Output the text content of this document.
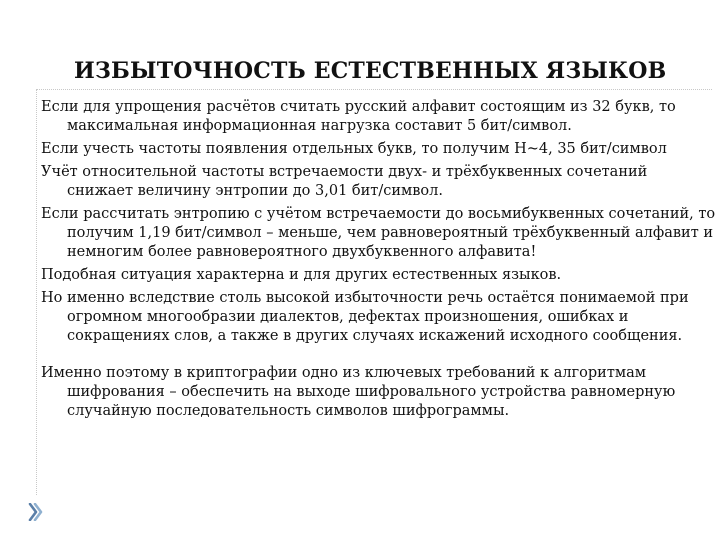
ИЗБЫТОЧНОСТЬ ЕСТЕСТВЕННЫХ ЯЗЫКОВ

Если для упрощения расчётов считать русский алфавит состоящим из 32 букв, то максимальная информационная нагрузка составит 5 бит/символ.

Если учесть частоты появления отдельных букв, то получим H~4, 35 бит/символ

Учёт относительной частоты встречаемости двух- и трёхбуквенных сочетаний снижает величину энтропии до 3,01 бит/символ.

Если рассчитать энтропию с учётом встречаемости до восьмибуквенных сочетаний, то получим 1,19 бит/символ – меньше, чем равновероятный трёхбуквенный алфавит и немногим более равновероятного двухбуквенного алфавита!

Подобная ситуация характерна и для других естественных языков.

Но именно вследствие столь высокой избыточности речь остаётся понимаемой при огромном многообразии диалектов, дефектах произношения, ошибках и сокращениях слов, а также в других случаях искажений исходного сообщения.

Именно поэтому в криптографии одно из ключевых требований к алгоритмам шифрования – обеспечить на выходе шифровального устройства равномерную случайную последовательность символов шифрограммы.
